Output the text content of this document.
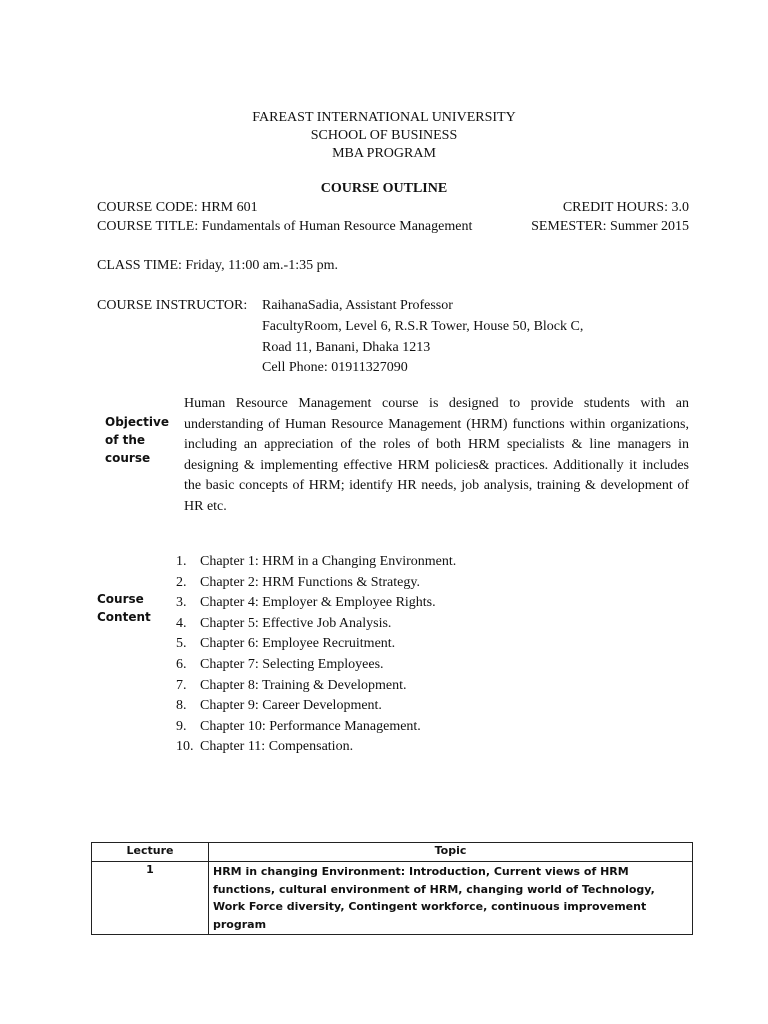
FAREAST INTERNATIONAL UNIVERSITY
SCHOOL OF BUSINESS
MBA PROGRAM
COURSE OUTLINE
COURSE CODE: HRM 601	CREDIT HOURS: 3.0
COURSE TITLE: Fundamentals of Human Resource Management	SEMESTER: Summer 2015
CLASS TIME: Friday, 11:00 am.-1:35 pm.
COURSE INSTRUCTOR: RaihanaSadia, Assistant Professor
FacultyRoom, Level 6, R.S.R Tower, House 50, Block C,
Road 11, Banani, Dhaka 1213
Cell Phone: 01911327090
Objective
of the
course
Human Resource Management course is designed to provide students with an understanding of Human Resource Management (HRM) functions within organizations, including an appreciation of the roles of both HRM specialists & line managers in designing & implementing effective HRM policies& practices. Additionally it includes the basic concepts of HRM; identify HR needs, job analysis, training & development of HR etc.
Course
Content
1. Chapter 1: HRM in a Changing Environment.
2. Chapter 2: HRM Functions & Strategy.
3. Chapter 4: Employer & Employee Rights.
4. Chapter 5: Effective Job Analysis.
5. Chapter 6: Employee Recruitment.
6. Chapter 7: Selecting Employees.
7. Chapter 8: Training & Development.
8. Chapter 9: Career Development.
9. Chapter 10: Performance Management.
10. Chapter 11: Compensation.
Lecture	Topic
1	HRM in changing Environment: Introduction, Current views of HRM functions, cultural environment of HRM, changing world of Technology, Work Force diversity, Contingent workforce, continuous improvement program
